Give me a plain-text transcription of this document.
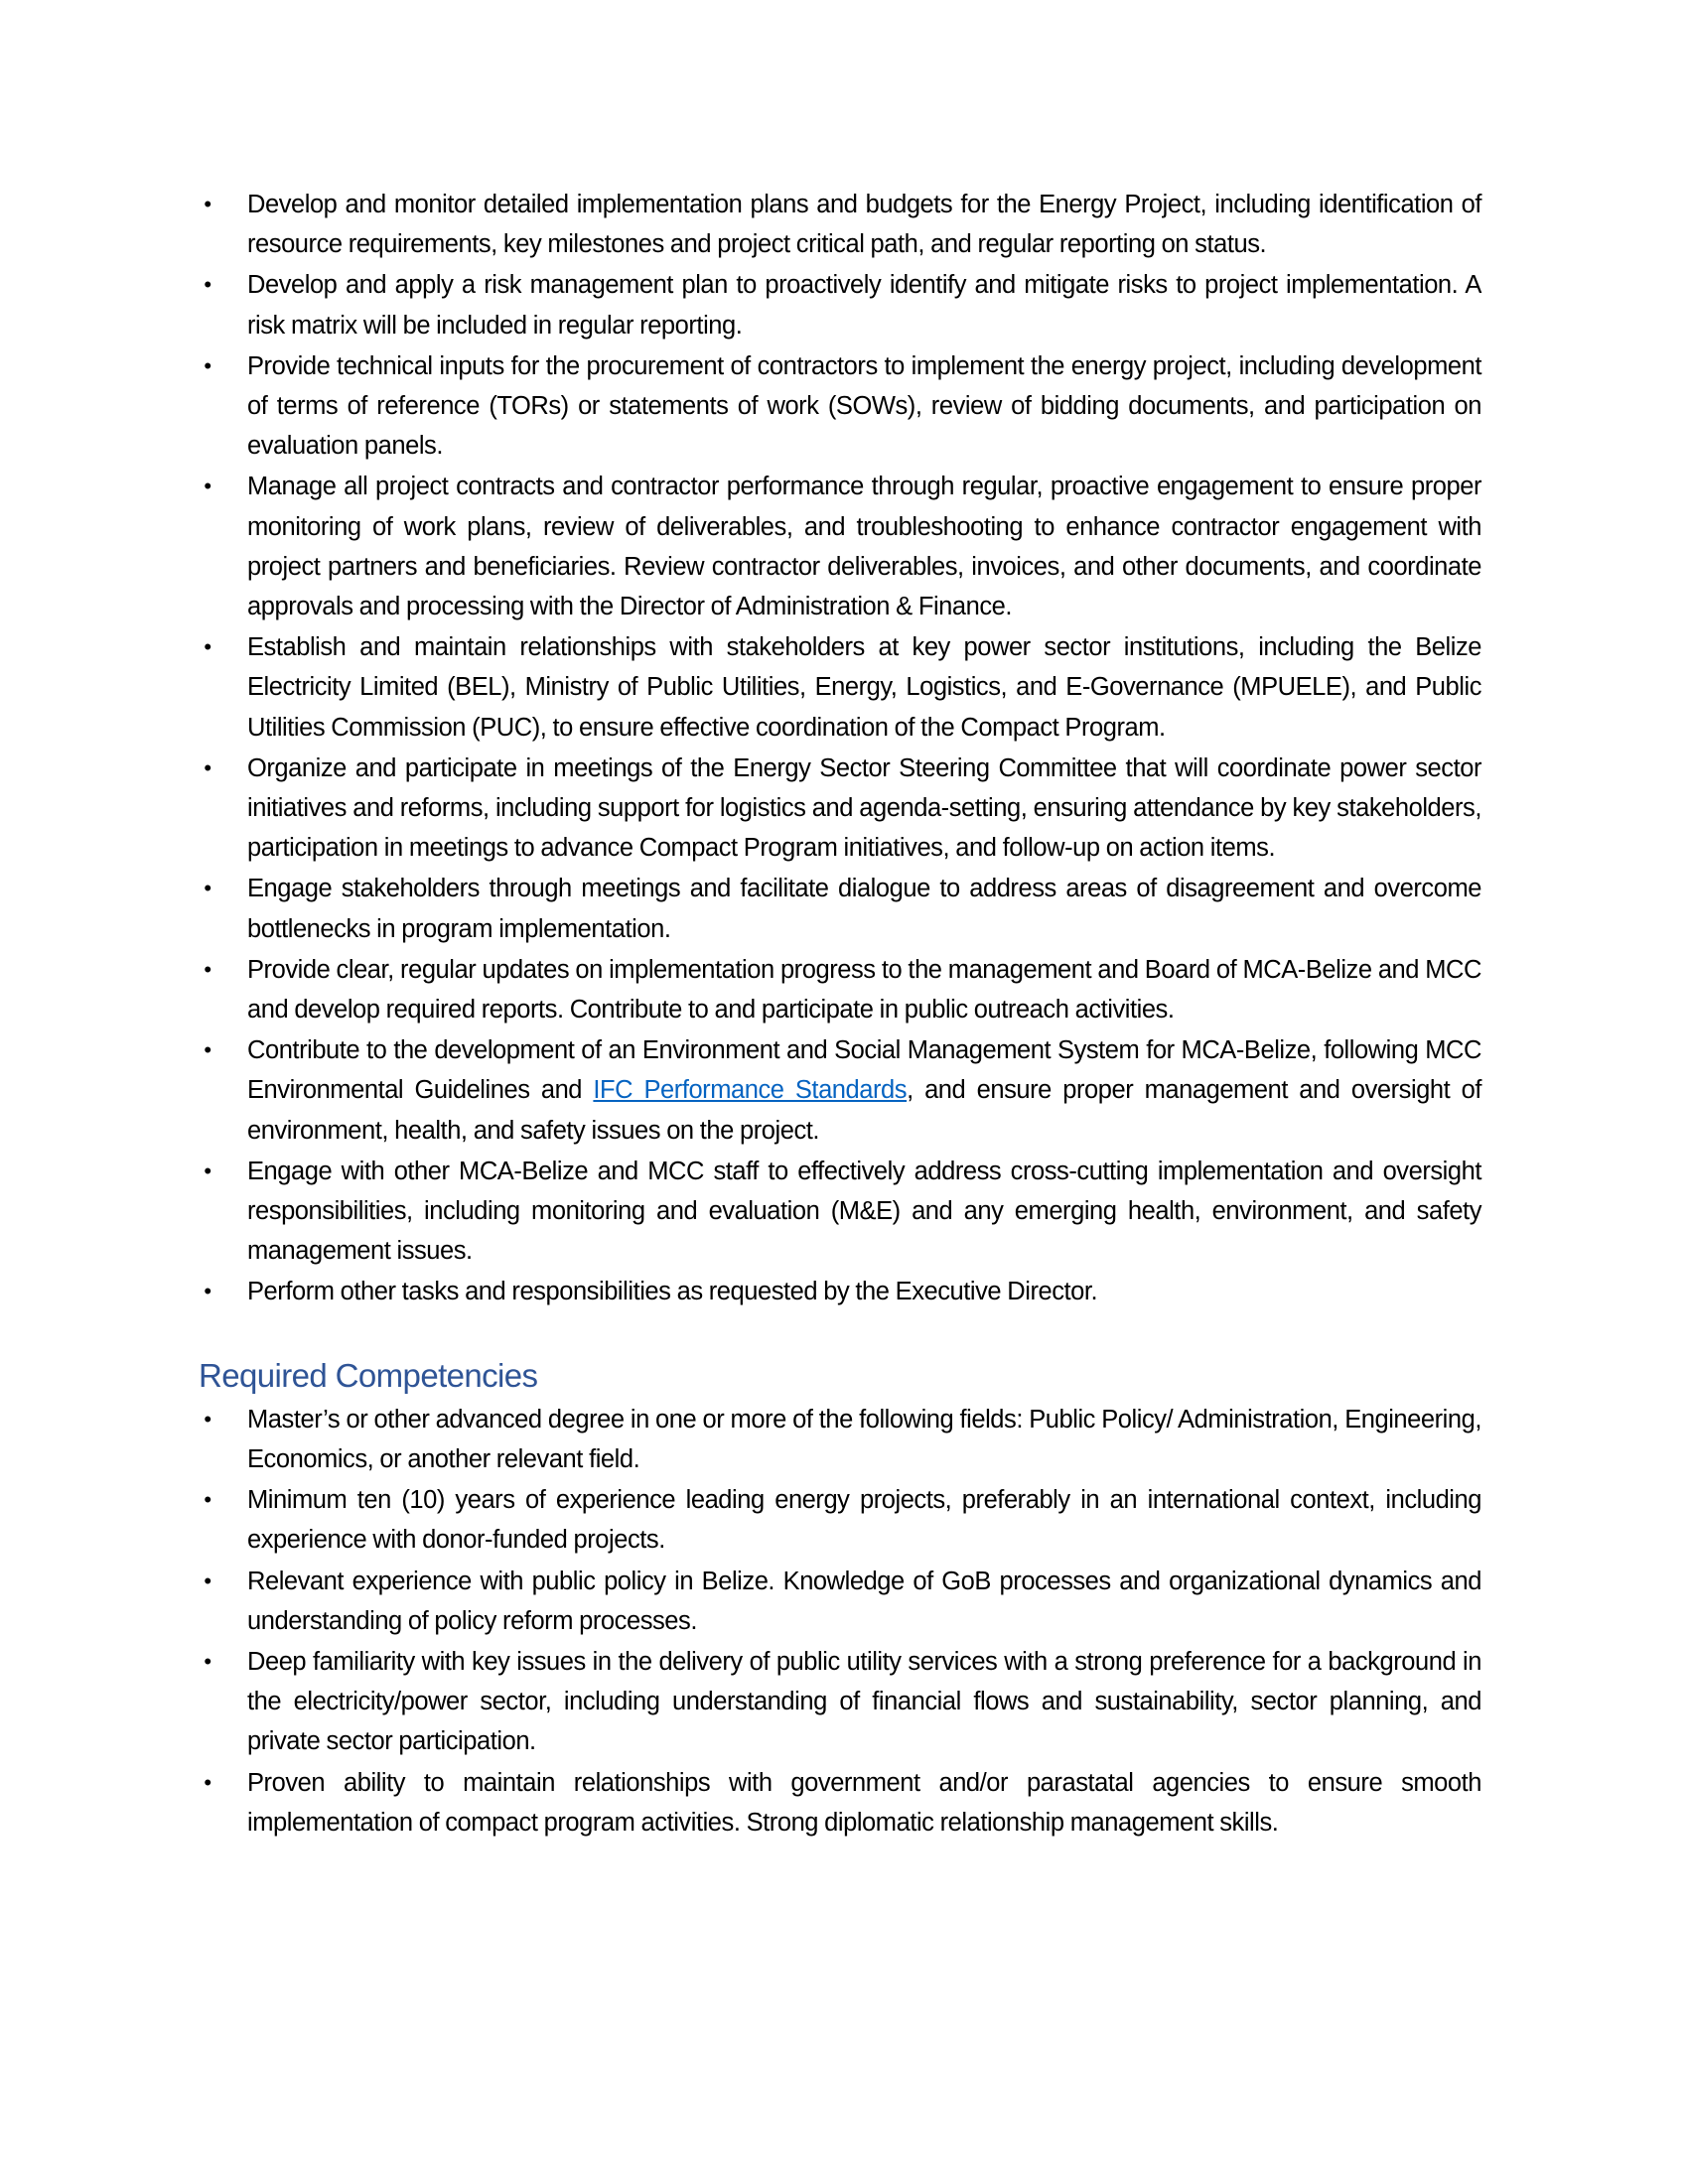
• Develop and monitor detailed implementation plans and budgets for the Energy Project, including identification of resource requirements, key milestones and project critical path, and regular reporting on status.
• Develop and apply a risk management plan to proactively identify and mitigate risks to project implementation. A risk matrix will be included in regular reporting.
• Provide technical inputs for the procurement of contractors to implement the energy project, including development of terms of reference (TORs) or statements of work (SOWs), review of bidding documents, and participation on evaluation panels.
• Manage all project contracts and contractor performance through regular, proactive engagement to ensure proper monitoring of work plans, review of deliverables, and troubleshooting to enhance contractor engagement with project partners and beneficiaries. Review contractor deliverables, invoices, and other documents, and coordinate approvals and processing with the Director of Administration & Finance.
• Establish and maintain relationships with stakeholders at key power sector institutions, including the Belize Electricity Limited (BEL), Ministry of Public Utilities, Energy, Logistics, and E-Governance (MPUELE), and Public Utilities Commission (PUC), to ensure effective coordination of the Compact Program.
• Organize and participate in meetings of the Energy Sector Steering Committee that will coordinate power sector initiatives and reforms, including support for logistics and agenda-setting, ensuring attendance by key stakeholders, participation in meetings to advance Compact Program initiatives, and follow-up on action items.
• Engage stakeholders through meetings and facilitate dialogue to address areas of disagreement and overcome bottlenecks in program implementation.
• Provide clear, regular updates on implementation progress to the management and Board of MCA-Belize and MCC and develop required reports. Contribute to and participate in public outreach activities.
• Contribute to the development of an Environment and Social Management System for MCA-Belize, following MCC Environmental Guidelines and IFC Performance Standards, and ensure proper management and oversight of environment, health, and safety issues on the project.
• Engage with other MCA-Belize and MCC staff to effectively address cross-cutting implementation and oversight responsibilities, including monitoring and evaluation (M&E) and any emerging health, environment, and safety management issues.
• Perform other tasks and responsibilities as requested by the Executive Director.
Required Competencies
• Master’s or other advanced degree in one or more of the following fields: Public Policy/ Administration, Engineering, Economics, or another relevant field.
• Minimum ten (10) years of experience leading energy projects, preferably in an international context, including experience with donor-funded projects.
• Relevant experience with public policy in Belize. Knowledge of GoB processes and organizational dynamics and understanding of policy reform processes.
• Deep familiarity with key issues in the delivery of public utility services with a strong preference for a background in the electricity/power sector, including understanding of financial flows and sustainability, sector planning, and private sector participation.
• Proven ability to maintain relationships with government and/or parastatal agencies to ensure smooth implementation of compact program activities. Strong diplomatic relationship management skills.
